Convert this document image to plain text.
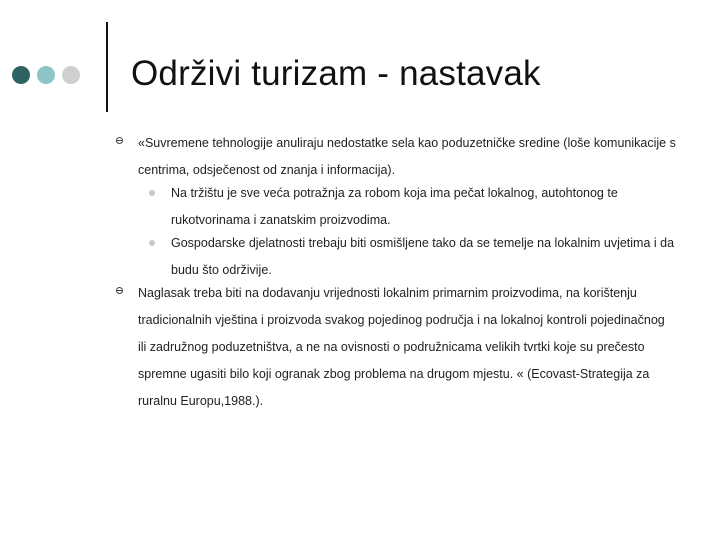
Održivi turizam - nastavak
«Suvremene tehnologije anuliraju nedostatke sela kao poduzetničke sredine (loše komunikacije s centrima, odsječenost od znanja i informacija).
Na tržištu je sve veća potražnja za robom koja ima pečat lokalnog, autohtonog te rukotvorinama i zanatskim proizvodima.
Gospodarske djelatnosti trebaju biti osmišljene tako da se temelje na lokalnim uvjetima i da budu što održivije.
Naglasak treba biti na dodavanju vrijednosti lokalnim primarnim proizvodima, na korištenju tradicionalnih vještina i proizvoda svakog pojedinog područja i na lokalnoj kontroli pojedinačnog ili zadružnog poduzetništva, a ne na ovisnosti o podružnicama velikih tvrtki koje su prečesto spremne ugasiti bilo koji ogranak zbog problema na drugom mjestu. « (Ecovast-Strategija za ruralnu Europu,1988.).
